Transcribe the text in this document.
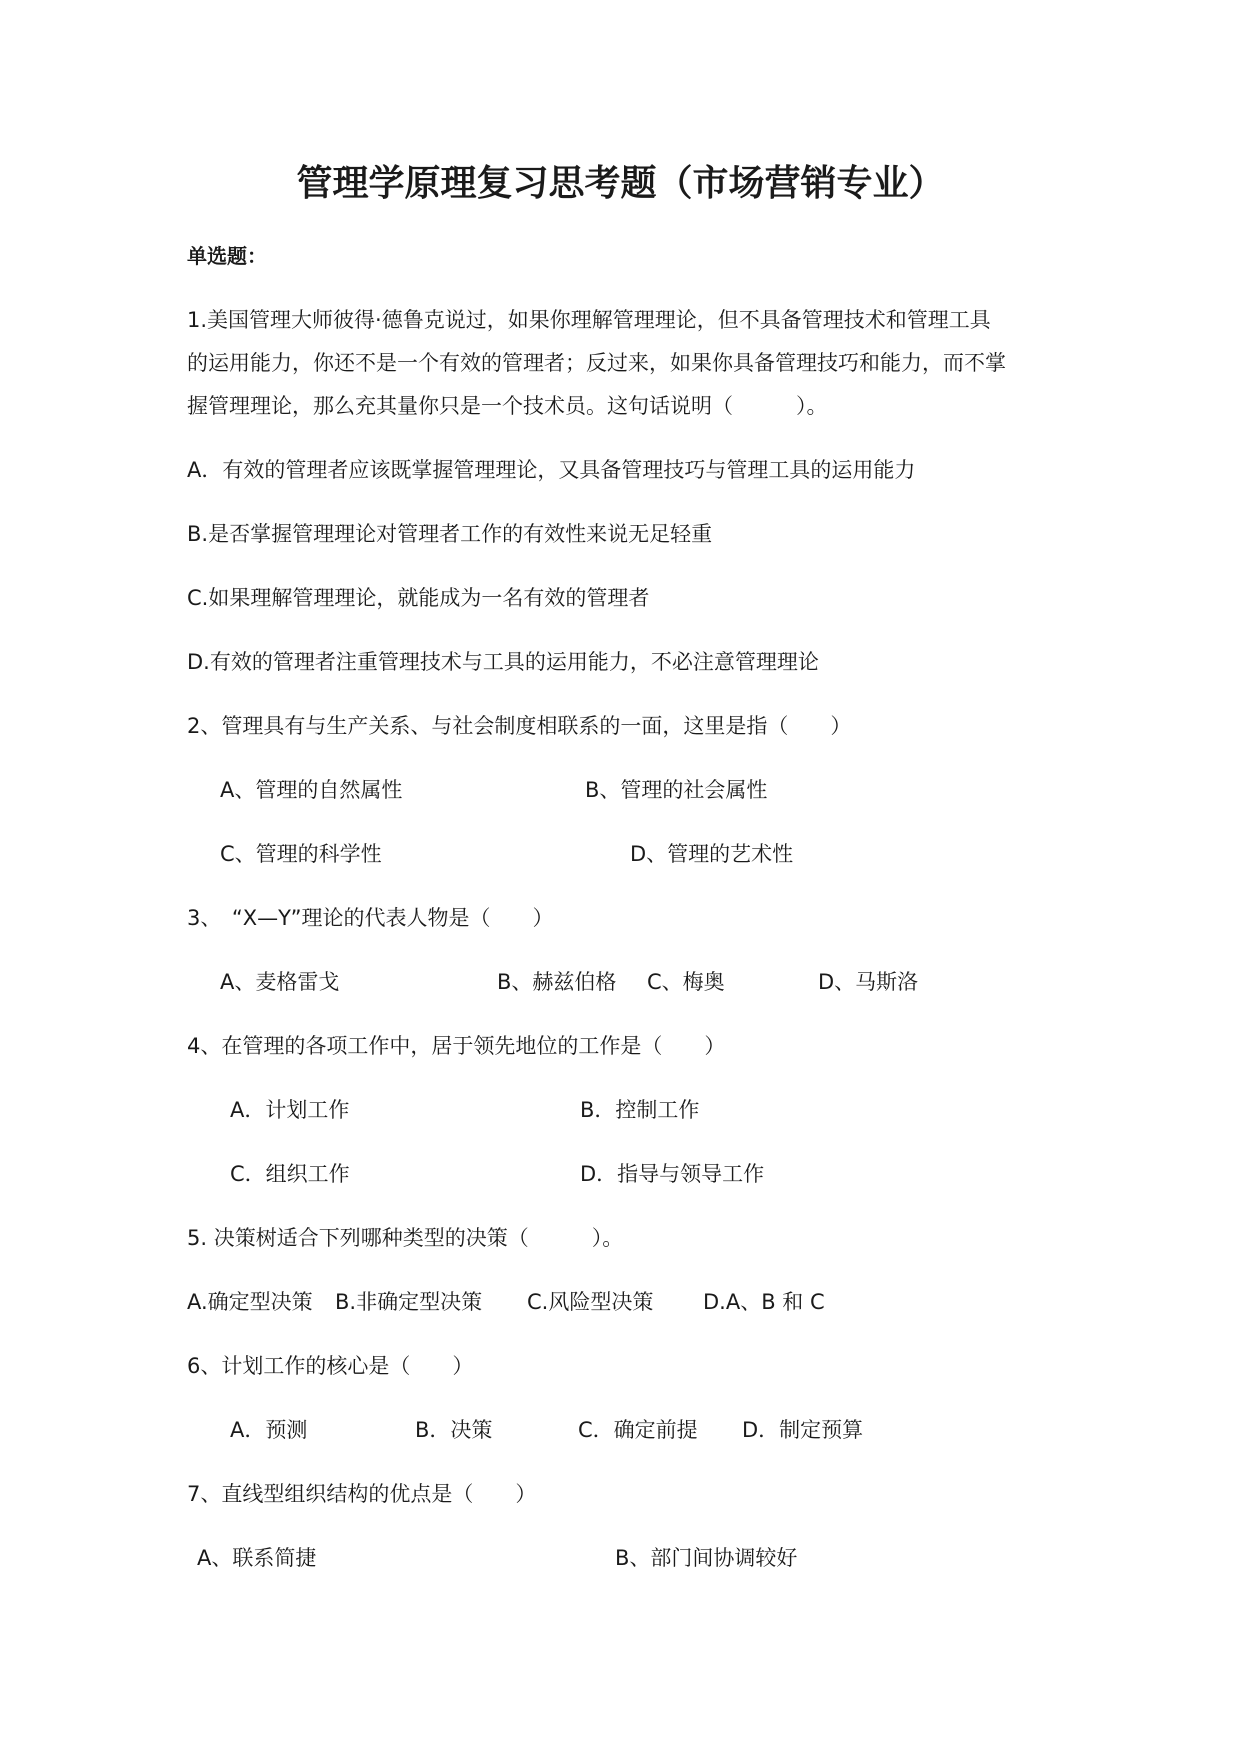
管理学原理复习思考题（市场营销专业）
单选题：
1.美国管理大师彼得·德鲁克说过，如果你理解管理理论，但不具备管理技术和管理工具
的运用能力，你还不是一个有效的管理者；反过来，如果你具备管理技巧和能力，而不掌
握管理理论，那么充其量你只是一个技术员。这句话说明（　　　）。
A．有效的管理者应该既掌握管理理论，又具备管理技巧与管理工具的运用能力
B.是否掌握管理理论对管理者工作的有效性来说无足轻重
C.如果理解管理理论，就能成为一名有效的管理者
D.有效的管理者注重管理技术与工具的运用能力，不必注意管理理论
2、管理具有与生产关系、与社会制度相联系的一面，这里是指（　　）
A、管理的自然属性	B、管理的社会属性
C、管理的科学性	D、管理的艺术性
3、　“X—Y”理论的代表人物是（　　）
A、麦格雷戈	B、赫兹伯格 C、梅奥	D、马斯洛
4、在管理的各项工作中，居于领先地位的工作是（　　）
A．计划工作	B．控制工作
C．组织工作	D．指导与领导工作
5. 决策树适合下列哪种类型的决策（　　　）。
A.确定型决策 B.非确定型决策 C.风险型决策 D.A、B 和 C
6、计划工作的核心是（　　）
A．预测	B．决策	C．确定前提 D．制定预算
7、直线型组织结构的优点是（　　）
A、联系简捷	B、部门间协调较好
